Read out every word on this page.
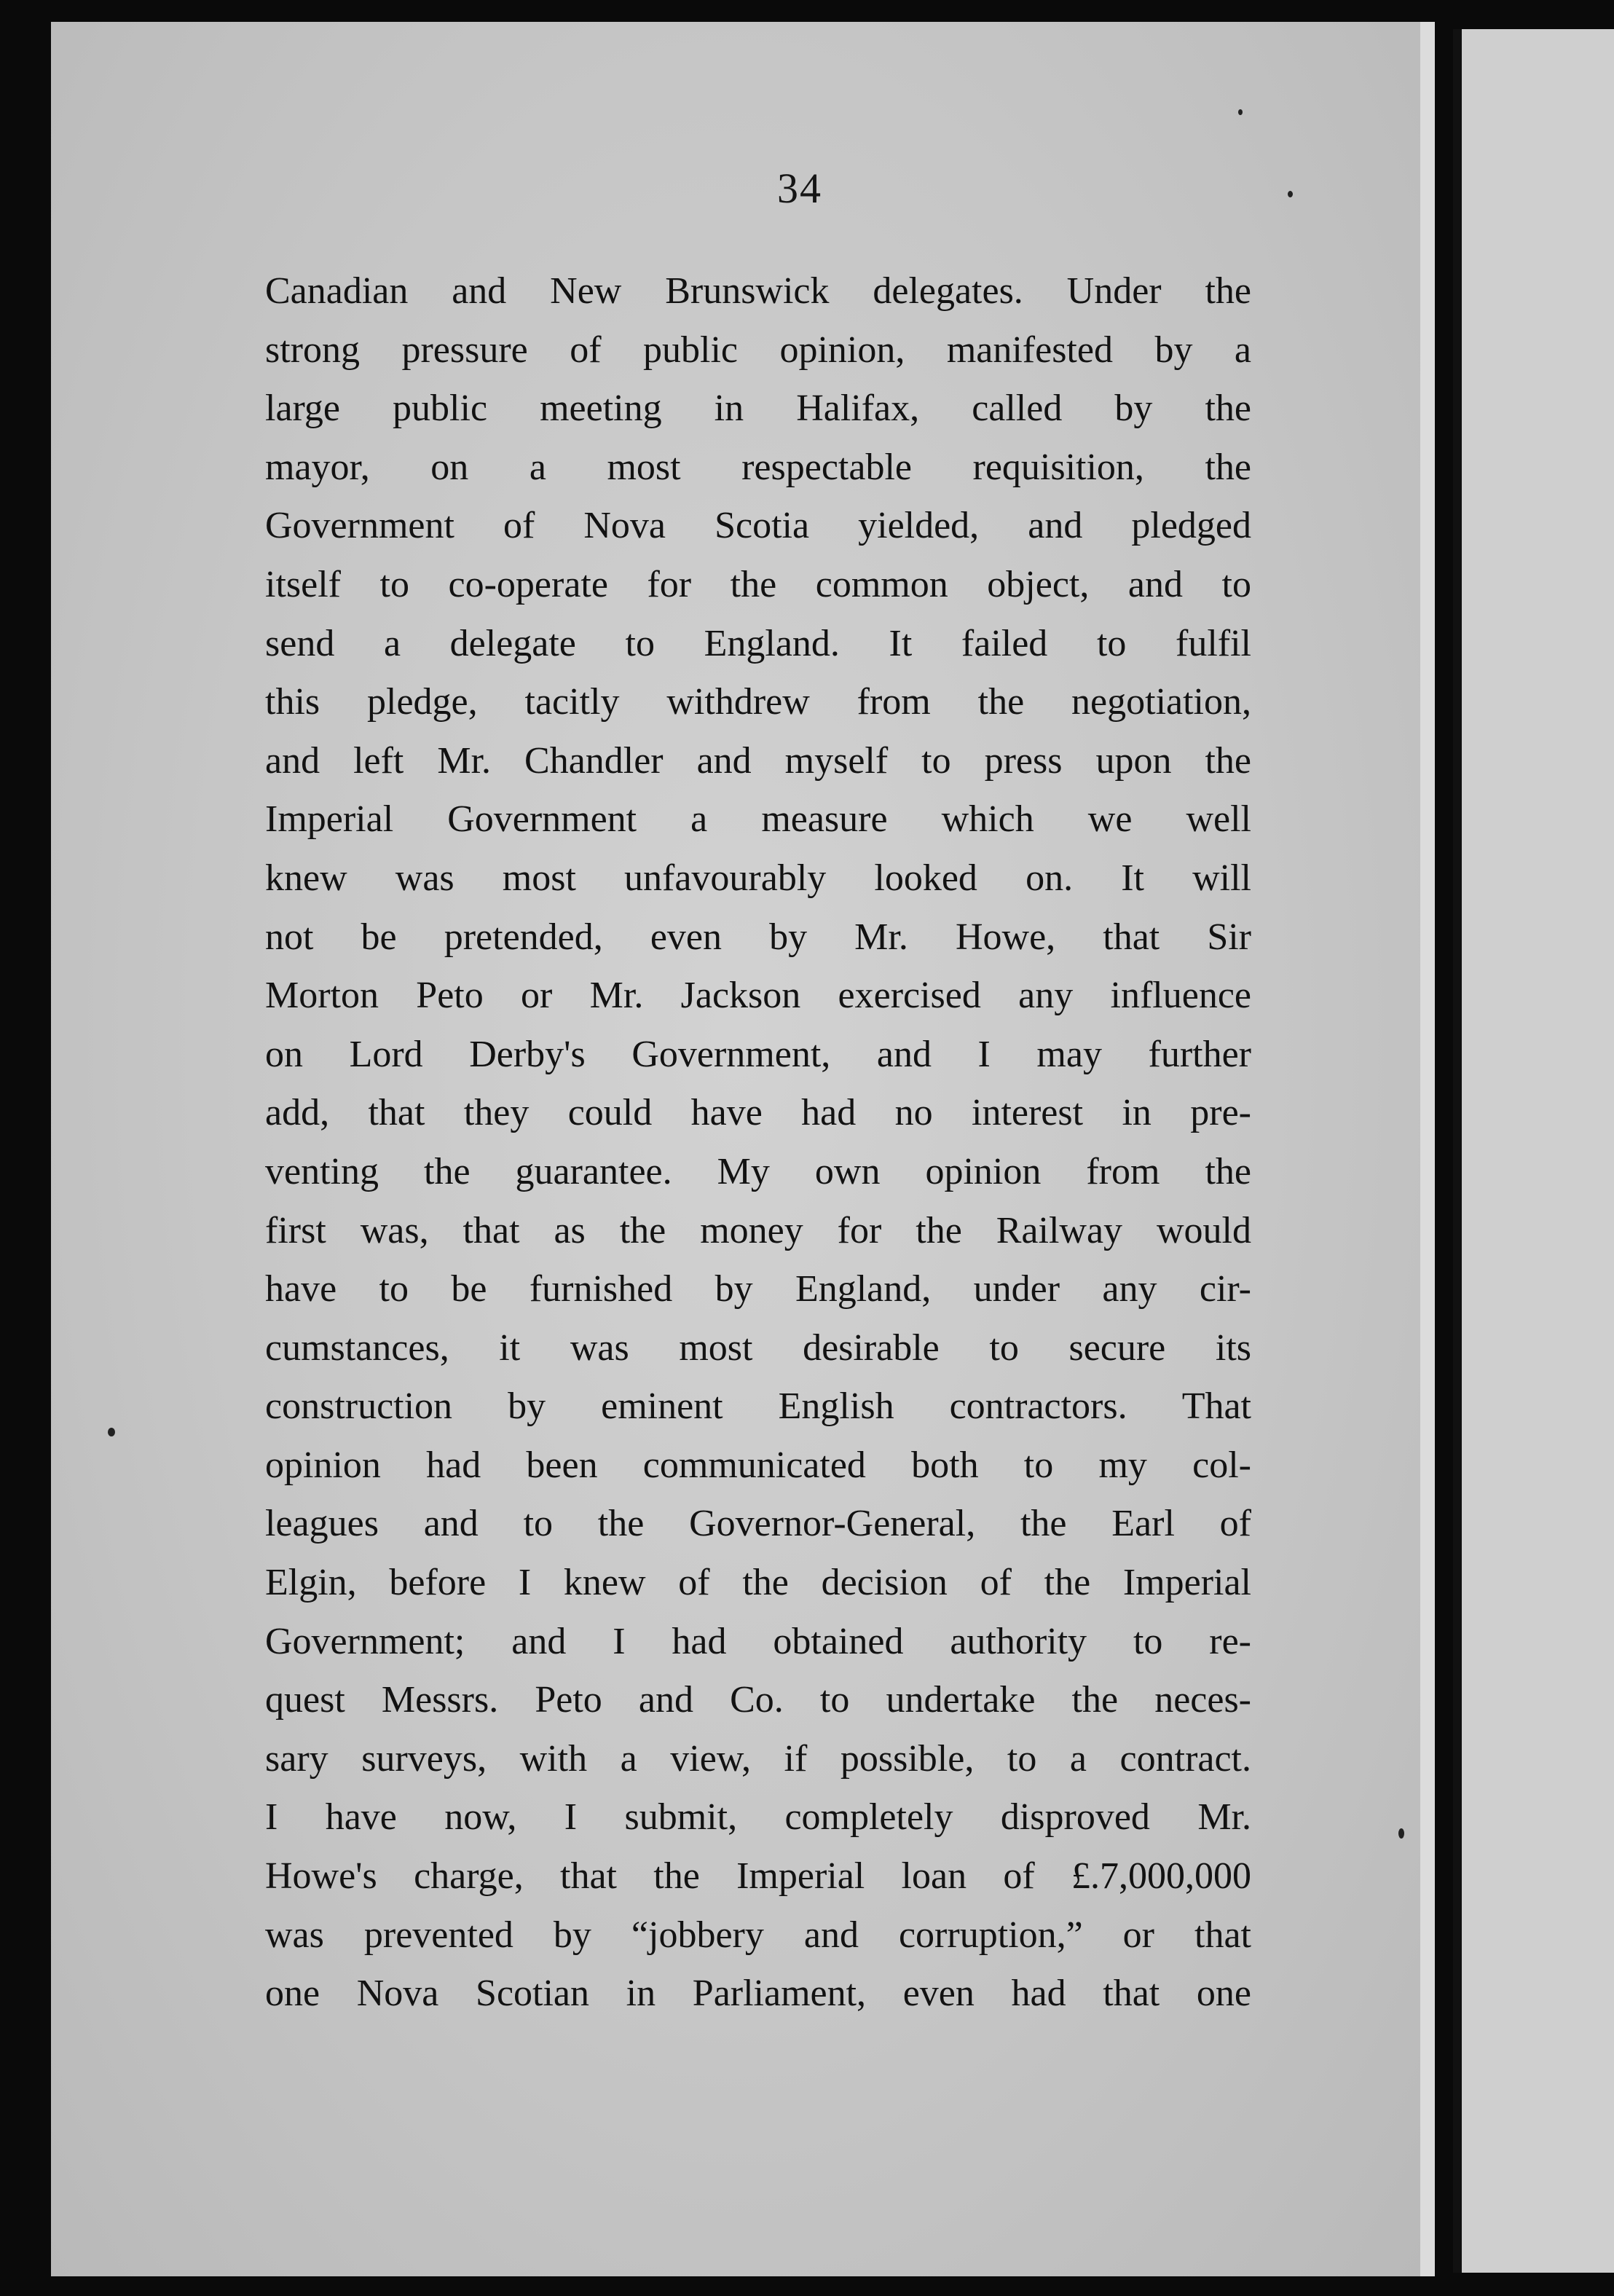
34
Canadian and New Brunswick delegates. Under the
strong pressure of public opinion, manifested by a
large public meeting in Halifax, called by the
mayor, on a most respectable requisition, the
Government of Nova Scotia yielded, and pledged
itself to co-operate for the common object, and to
send a delegate to England. It failed to fulfil
this pledge, tacitly withdrew from the negotiation,
and left Mr. Chandler and myself to press upon the
Imperial Government a measure which we well
knew was most unfavourably looked on. It will
not be pretended, even by Mr. Howe, that Sir
Morton Peto or Mr. Jackson exercised any influence
on Lord Derby's Government, and I may further
add, that they could have had no interest in pre-
venting the guarantee. My own opinion from the
first was, that as the money for the Railway would
have to be furnished by England, under any cir-
cumstances, it was most desirable to secure its
construction by eminent English contractors. That
opinion had been communicated both to my col-
leagues and to the Governor-General, the Earl of
Elgin, before I knew of the decision of the Imperial
Government; and I had obtained authority to re-
quest Messrs. Peto and Co. to undertake the neces-
sary surveys, with a view, if possible, to a contract.
I have now, I submit, completely disproved Mr.
Howe's charge, that the Imperial loan of £.7,000,000
was prevented by “jobbery and corruption,” or that
one Nova Scotian in Parliament, even had that one
